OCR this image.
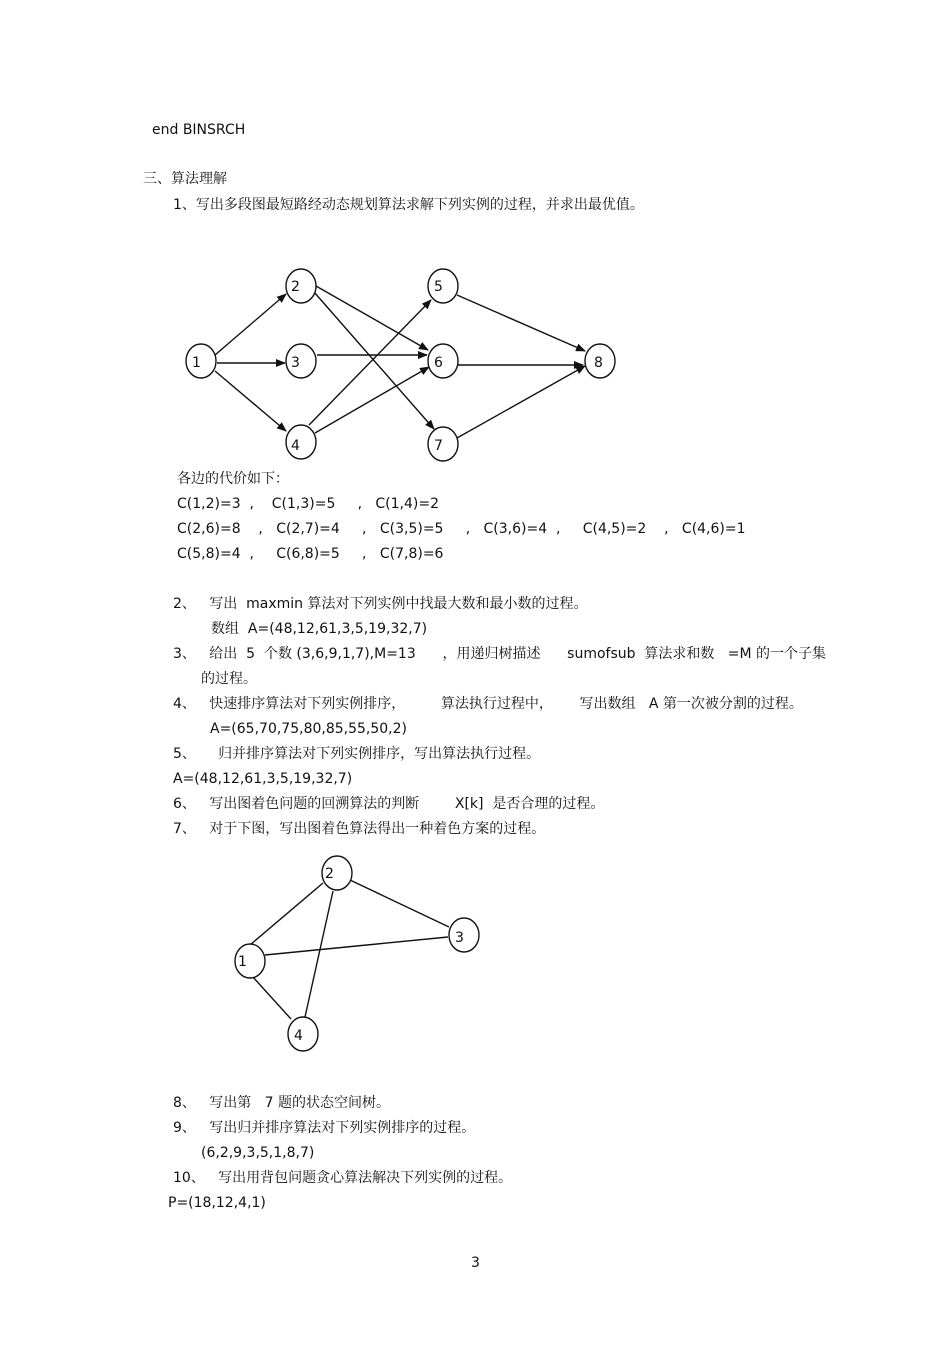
end BINSRCH
三、算法理解
1、写出多段图最短路经动态规划算法求解下列实例的过程，并求出最优值。
1
2
3
4
5
6
7
8
各边的代价如下：
C(1,2)=3  ,    C(1,3)=5     ,   C(1,4)=2
C(2,6)=8    ,   C(2,7)=4     ,   C(3,5)=5     ,   C(3,6)=4  ,     C(4,5)=2    ,   C(4,6)=1
C(5,8)=4  ,     C(6,8)=5     ,   C(7,8)=6
2、   写出  maxmin 算法对下列实例中找最大数和最小数的过程。
数组  A=(48,12,61,3,5,19,32,7)
3、   给出  5  个数 (3,6,9,1,7),M=13      ，用递归树描述      sumofsub  算法求和数   =M 的一个子集
的过程。
4、   快速排序算法对下列实例排序，        算法执行过程中，      写出数组   A 第一次被分割的过程。
A=(65,70,75,80,85,55,50,2)
5、     归并排序算法对下列实例排序，写出算法执行过程。
A=(48,12,61,3,5,19,32,7)
6、   写出图着色问题的回溯算法的判断        X[k]  是否合理的过程。
7、   对于下图，写出图着色算法得出一种着色方案的过程。
1
2
3
4
8、   写出第   7 题的状态空间树。
9、   写出归并排序算法对下列实例排序的过程。
(6,2,9,3,5,1,8,7)
10、   写出用背包问题贪心算法解决下列实例的过程。
P=(18,12,4,1)
3
